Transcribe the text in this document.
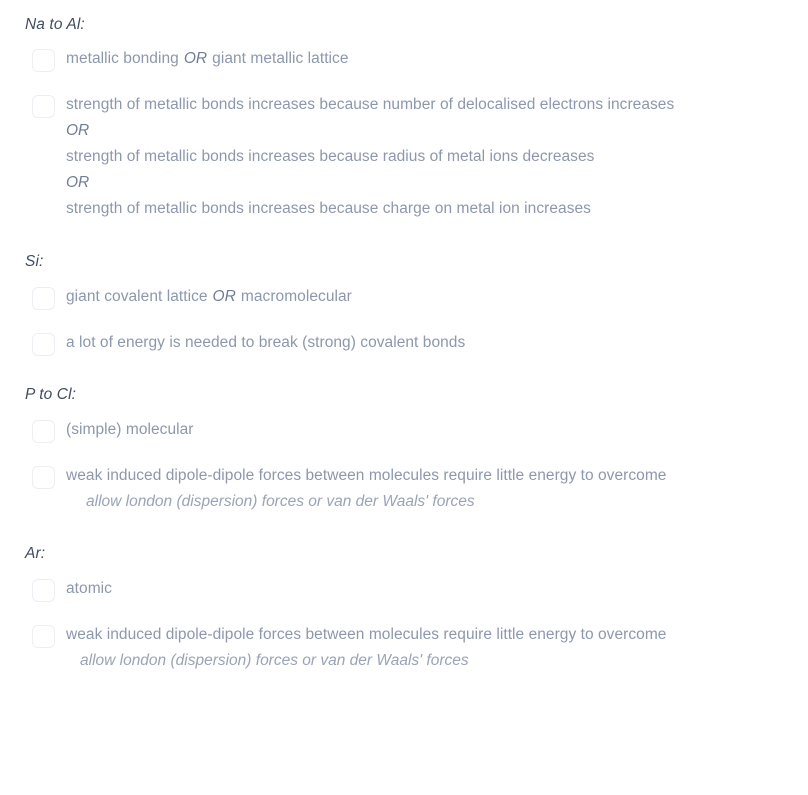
Na to Al:

metallic bonding OR giant metallic lattice

strength of metallic bonds increases because number of delocalised electrons increases

OR

strength of metallic bonds increases because radius of metal ions decreases

OR

strength of metallic bonds increases because charge on metal ion increases

Si:

giant covalent lattice OR macromolecular

a lot of energy is needed to break (strong) covalent bonds

P to Cl:

(simple) molecular

weak induced dipole-dipole forces between molecules require little energy to overcome

allow london (dispersion) forces or van der Waals' forces

Ar:

atomic

weak induced dipole-dipole forces between molecules require little energy to overcome

allow london (dispersion) forces or van der Waals' forces
